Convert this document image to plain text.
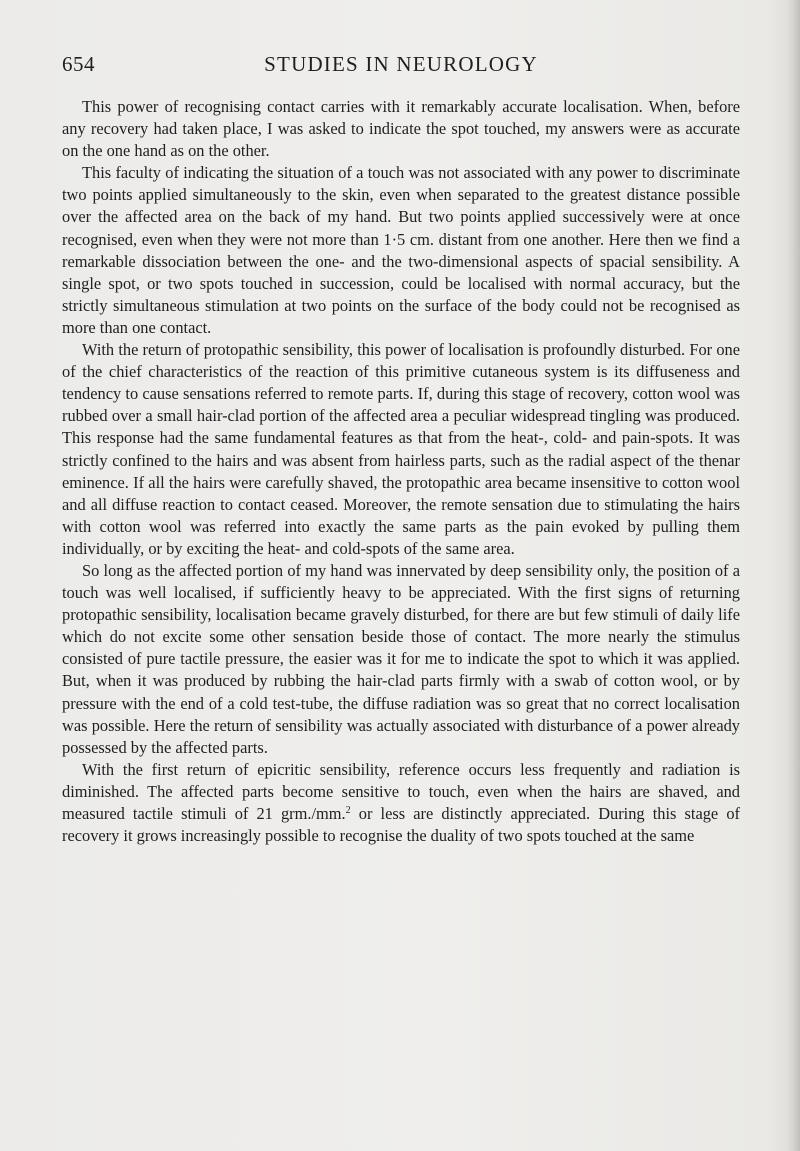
654	STUDIES IN NEUROLOGY

This power of recognising contact carries with it remarkably accurate localisation. When, before any recovery had taken place, I was asked to indicate the spot touched, my answers were as accurate on the one hand as on the other.

This faculty of indicating the situation of a touch was not associated with any power to discriminate two points applied simultaneously to the skin, even when separated to the greatest distance possible over the affected area on the back of my hand. But two points applied successively were at once recognised, even when they were not more than 1·5 cm. distant from one another. Here then we find a remarkable dissociation between the one- and the two-dimensional aspects of spacial sensibility. A single spot, or two spots touched in succession, could be localised with normal accuracy, but the strictly simultaneous stimulation at two points on the surface of the body could not be recognised as more than one contact.

With the return of protopathic sensibility, this power of localisation is profoundly disturbed. For one of the chief characteristics of the reaction of this primitive cutaneous system is its diffuseness and tendency to cause sensations referred to remote parts. If, during this stage of recovery, cotton wool was rubbed over a small hair-clad portion of the affected area a peculiar widespread tingling was produced. This response had the same fundamental features as that from the heat-, cold- and pain-spots. It was strictly confined to the hairs and was absent from hairless parts, such as the radial aspect of the thenar eminence. If all the hairs were carefully shaved, the protopathic area became insensitive to cotton wool and all diffuse reaction to contact ceased. Moreover, the remote sensation due to stimulating the hairs with cotton wool was referred into exactly the same parts as the pain evoked by pulling them individually, or by exciting the heat- and cold-spots of the same area.

So long as the affected portion of my hand was innervated by deep sensibility only, the position of a touch was well localised, if sufficiently heavy to be appreciated. With the first signs of returning protopathic sensibility, localisation became gravely disturbed, for there are but few stimuli of daily life which do not excite some other sensation beside those of contact. The more nearly the stimulus consisted of pure tactile pressure, the easier was it for me to indicate the spot to which it was applied. But, when it was produced by rubbing the hair-clad parts firmly with a swab of cotton wool, or by pressure with the end of a cold test-tube, the diffuse radiation was so great that no correct localisation was possible. Here the return of sensibility was actually associated with disturbance of a power already possessed by the affected parts.

With the first return of epicritic sensibility, reference occurs less frequently and radiation is diminished. The affected parts become sensitive to touch, even when the hairs are shaved, and measured tactile stimuli of 21 grm./mm.$^2$ or less are distinctly appreciated. During this stage of recovery it grows increasingly possible to recognise the duality of two spots touched at the same
